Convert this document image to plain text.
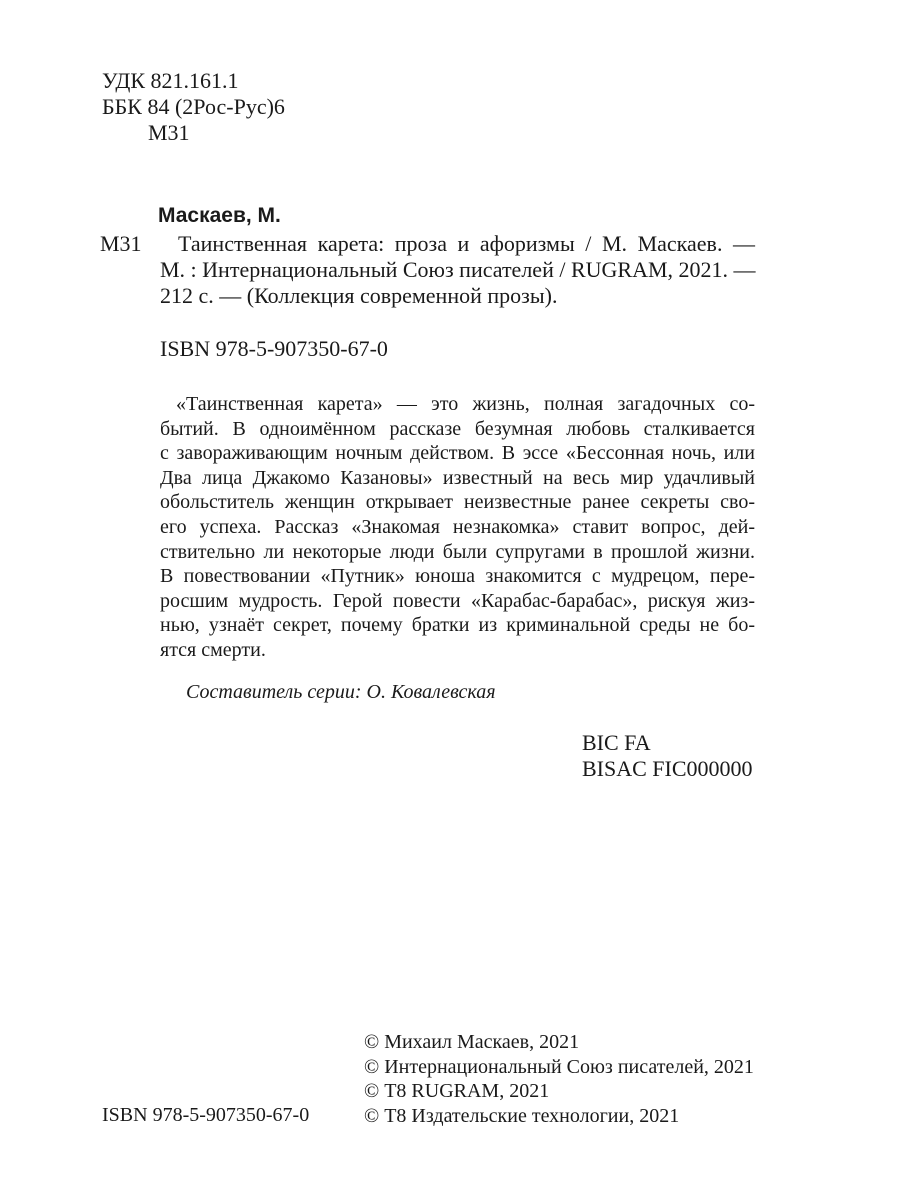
УДК 821.161.1
ББК 84 (2Рос-Рус)6
М31
Маскаев, М.
М31	Таинственная карета: проза и афоризмы / М. Маскаев. —
М. : Интернациональный Союз писателей / RUGRAM, 2021. —
212 с. — (Коллекция современной прозы).
ISBN 978-5-907350-67-0
«Таинственная карета» — это жизнь, полная загадочных со-
бытий. В одноимённом рассказе безумная любовь сталкивается
с завораживающим ночным действом. В эссе «Бессонная ночь, или
Два лица Джакомо Казановы» известный на весь мир удачливый
обольститель женщин открывает неизвестные ранее секреты сво-
его успеха. Рассказ «Знакомая незнакомка» ставит вопрос, дей-
ствительно ли некоторые люди были супругами в прошлой жизни.
В повествовании «Путник» юноша знакомится с мудрецом, пере-
росшим мудрость. Герой повести «Карабас-барабас», рискуя жиз-
нью, узнаёт секрет, почему братки из криминальной среды не бо-
ятся смерти.
Составитель серии: О. Ковалевская
BIC FA
BISAC FIC000000
© Михаил Маскаев, 2021
© Интернациональный Союз писателей, 2021
© Т8 RUGRAM, 2021
© Т8 Издательские технологии, 2021
ISBN 978-5-907350-67-0
